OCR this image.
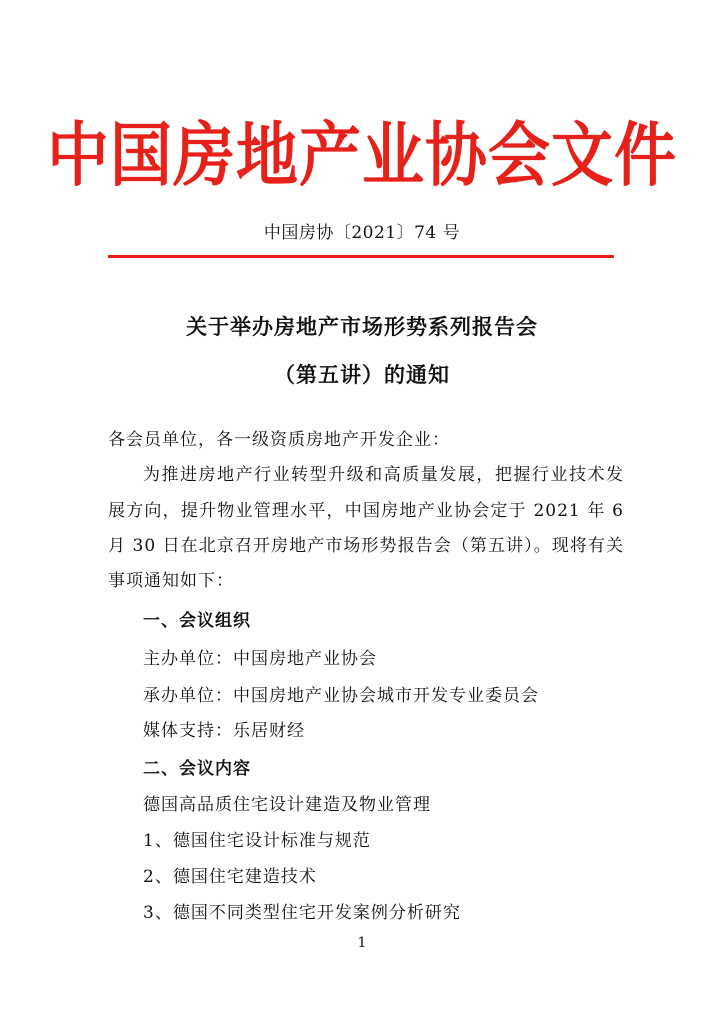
中国房地产业协会文件
中国房协〔2021〕74 号
关于举办房地产市场形势系列报告会
（第五讲）的通知
各会员单位，各一级资质房地产开发企业：
为推进房地产行业转型升级和高质量发展，把握行业技术发
展方向，提升物业管理水平，中国房地产业协会定于 2021 年 6
月 30 日在北京召开房地产市场形势报告会（第五讲）。现将有关
事项通知如下：
一、会议组织
主办单位：中国房地产业协会
承办单位：中国房地产业协会城市开发专业委员会
媒体支持：乐居财经
二、会议内容
德国高品质住宅设计建造及物业管理
1、德国住宅设计标准与规范
2、德国住宅建造技术
3、德国不同类型住宅开发案例分析研究
1
